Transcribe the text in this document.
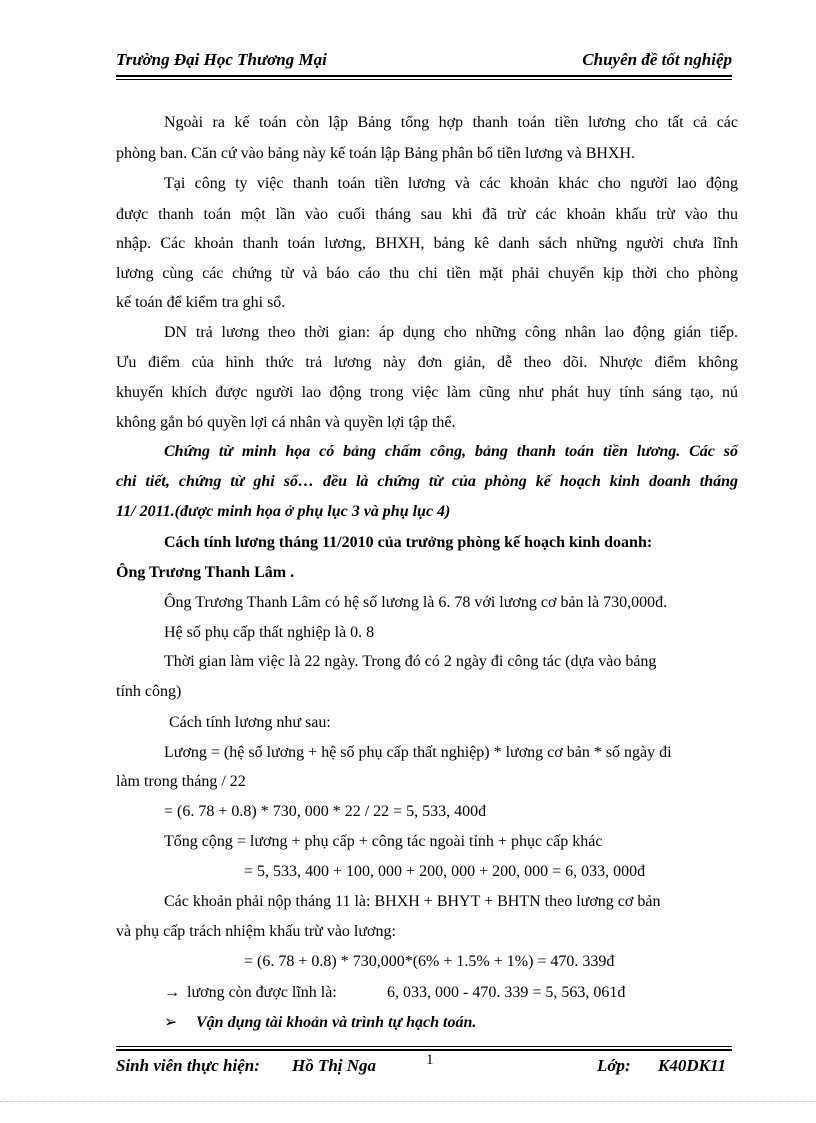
Trường Đại Học Thương Mại	Chuyên đề tốt nghiệp
Ngoài ra kế toán còn lập Bảng tổng hợp thanh toán tiền lương cho tất cả các
phòng ban. Căn cứ vào bảng này kế toán lập Bảng phân bổ tiền lương và BHXH.
Tại công ty việc thanh toán tiền lương và các khoản khác cho người lao động
được thanh toán một lần vào cuối tháng sau khi đã trừ các khoản khấu trừ vào thu
nhập. Các khoản thanh toán lương, BHXH, bảng kê danh sách những người chưa lĩnh
lương cùng các chứng từ và báo cáo thu chi tiền mặt phải chuyển kịp thời cho phòng
kế toán để kiểm tra ghi sổ.
DN trả lương theo thời gian: áp dụng cho những công nhân lao động gián tiếp.
Ưu điểm của hình thức trả lương này đơn giản, dễ theo dõi. Nhược điểm không
khuyến khích được người lao động trong việc làm cũng như phát huy tính sáng tạo, nú
không gắn bó quyền lợi cá nhân và quyền lợi tập thể.
Chứng từ minh họa có bảng chấm công, bảng thanh toán tiền lương. Các sổ
chi tiết, chứng từ ghi sổ… đều là chứng từ của phòng kế hoạch kinh doanh tháng
11/ 2011.(được minh họa ở phụ lục 3 và phụ lục 4)
Cách tính lương tháng 11/2010 của trưởng phòng kế hoạch kinh doanh:
Ông Trương Thanh Lâm .
Ông Trương Thanh Lâm có hệ số lương là 6. 78 với lương cơ bản là 730,000đ.
Hệ số phụ cấp thất nghiệp là 0. 8
Thời gian làm việc là 22 ngày. Trong đó có 2 ngày đi công tác (dựa vào bảng
tính công)
Cách tính lương như sau:
Lương = (hệ số lương + hệ số phụ cấp thất nghiệp) * lương cơ bản * số ngày đi
làm trong tháng / 22
= (6. 78 + 0.8) * 730, 000 * 22 / 22 = 5, 533, 400đ
Tổng cộng = lương + phụ cấp + công tác ngoài tỉnh + phục cấp khác
= 5, 533, 400 + 100, 000 + 200, 000 + 200, 000 = 6, 033, 000đ
Các khoản phải nộp tháng 11 là: BHXH + BHYT + BHTN theo lương cơ bản
và phụ cấp trách nhiệm khấu trừ vào lương:
= (6. 78 + 0.8) * 730,000*(6% + 1.5% + 1%) = 470. 339đ
→ lương còn được lĩnh là:	6, 033, 000 - 470. 339 = 5, 563, 061đ
➢ Vận dụng tài khoản và trình tự hạch toán.
Sinh viên thực hiện: Hồ Thị Nga	Lớp: K40DK11
1
